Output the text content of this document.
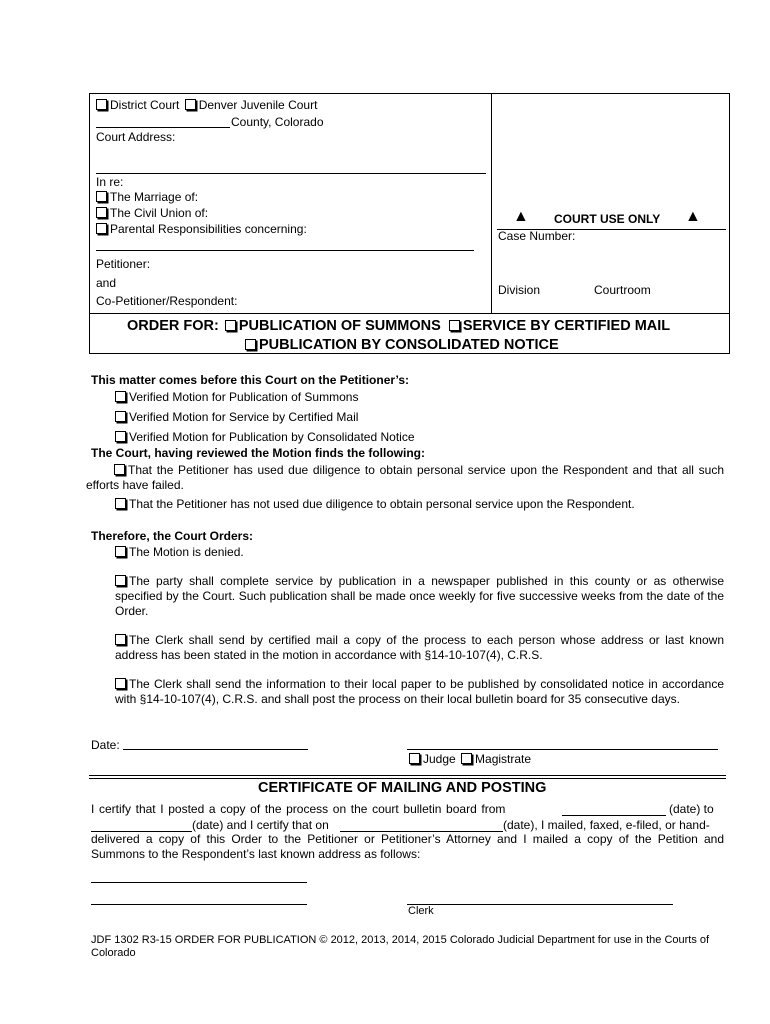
District Court Denver Juvenile Court
County, Colorado
Court Address:
In re:
The Marriage of:
The Civil Union of:
Parental Responsibilities concerning:
Petitioner:
and
Co-Petitioner/Respondent:
▲ COURT USE ONLY ▲
Case Number:
Division	Courtroom
ORDER FOR: PUBLICATION OF SUMMONS SERVICE BY CERTIFIED MAIL
PUBLICATION BY CONSOLIDATED NOTICE
This matter comes before this Court on the Petitioner’s:
Verified Motion for Publication of Summons
Verified Motion for Service by Certified Mail
Verified Motion for Publication by Consolidated Notice
The Court, having reviewed the Motion finds the following:
That the Petitioner has used due diligence to obtain personal service upon the Respondent and that all such efforts have failed.
That the Petitioner has not used due diligence to obtain personal service upon the Respondent.
Therefore, the Court Orders:
The Motion is denied.
The party shall complete service by publication in a newspaper published in this county or as otherwise specified by the Court. Such publication shall be made once weekly for five successive weeks from the date of the Order.
The Clerk shall send by certified mail a copy of the process to each person whose address or last known address has been stated in the motion in accordance with §14-10-107(4), C.R.S.
The Clerk shall send the information to their local paper to be published by consolidated notice in accordance with §14-10-107(4), C.R.S. and shall post the process on their local bulletin board for 35 consecutive days.
Date:
Judge Magistrate
CERTIFICATE OF MAILING AND POSTING
I certify that I posted a copy of the process on the court bulletin board from	(date) to
(date) and I certify that on	(date), I mailed, faxed, e-filed, or hand-
delivered a copy of this Order to the Petitioner or Petitioner’s Attorney and I mailed a copy of the Petition and Summons to the Respondent’s last known address as follows:
Clerk
JDF 1302 R3-15 ORDER FOR PUBLICATION © 2012, 2013, 2014, 2015 Colorado Judicial Department for use in the Courts of Colorado
